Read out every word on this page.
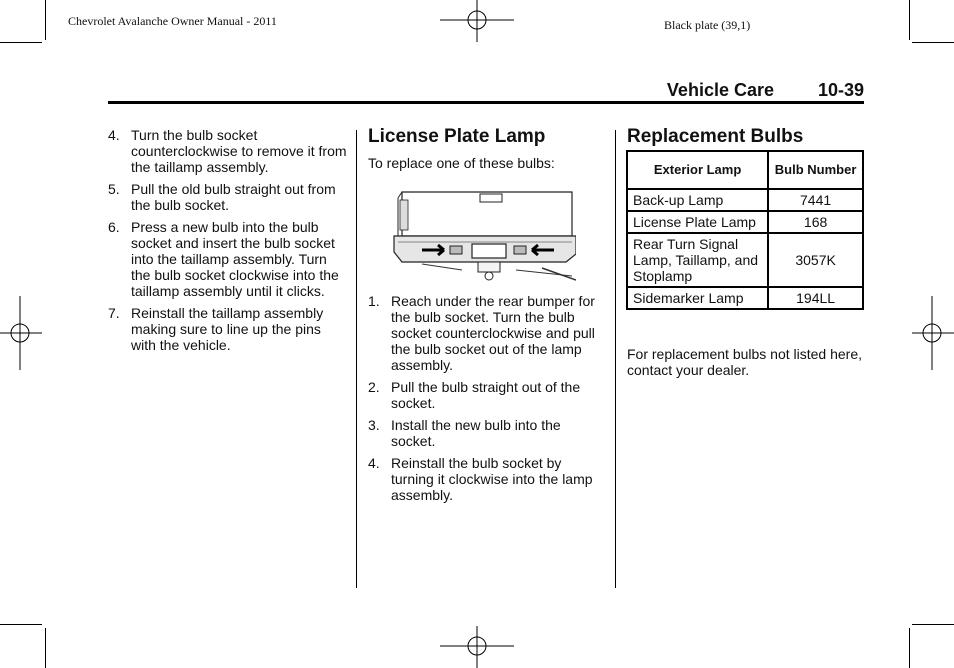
Chevrolet Avalanche Owner Manual - 2011	Black plate (39,1)
Vehicle Care 10-39
4. Turn the bulb socket counterclockwise to remove it from the taillamp assembly.
5. Pull the old bulb straight out from the bulb socket.
6. Press a new bulb into the bulb socket and insert the bulb socket into the taillamp assembly. Turn the bulb socket clockwise into the taillamp assembly until it clicks.
7. Reinstall the taillamp assembly making sure to line up the pins with the vehicle.
License Plate Lamp
To replace one of these bulbs:
1. Reach under the rear bumper for the bulb socket. Turn the bulb socket counterclockwise and pull the bulb socket out of the lamp assembly.
2. Pull the bulb straight out of the socket.
3. Install the new bulb into the socket.
4. Reinstall the bulb socket by turning it clockwise into the lamp assembly.
Replacement Bulbs
Exterior Lamp	Bulb Number
Back-up Lamp	7441
License Plate Lamp	168
Rear Turn Signal Lamp, Taillamp, and Stoplamp	3057K
Sidemarker Lamp	194LL
For replacement bulbs not listed here, contact your dealer.
